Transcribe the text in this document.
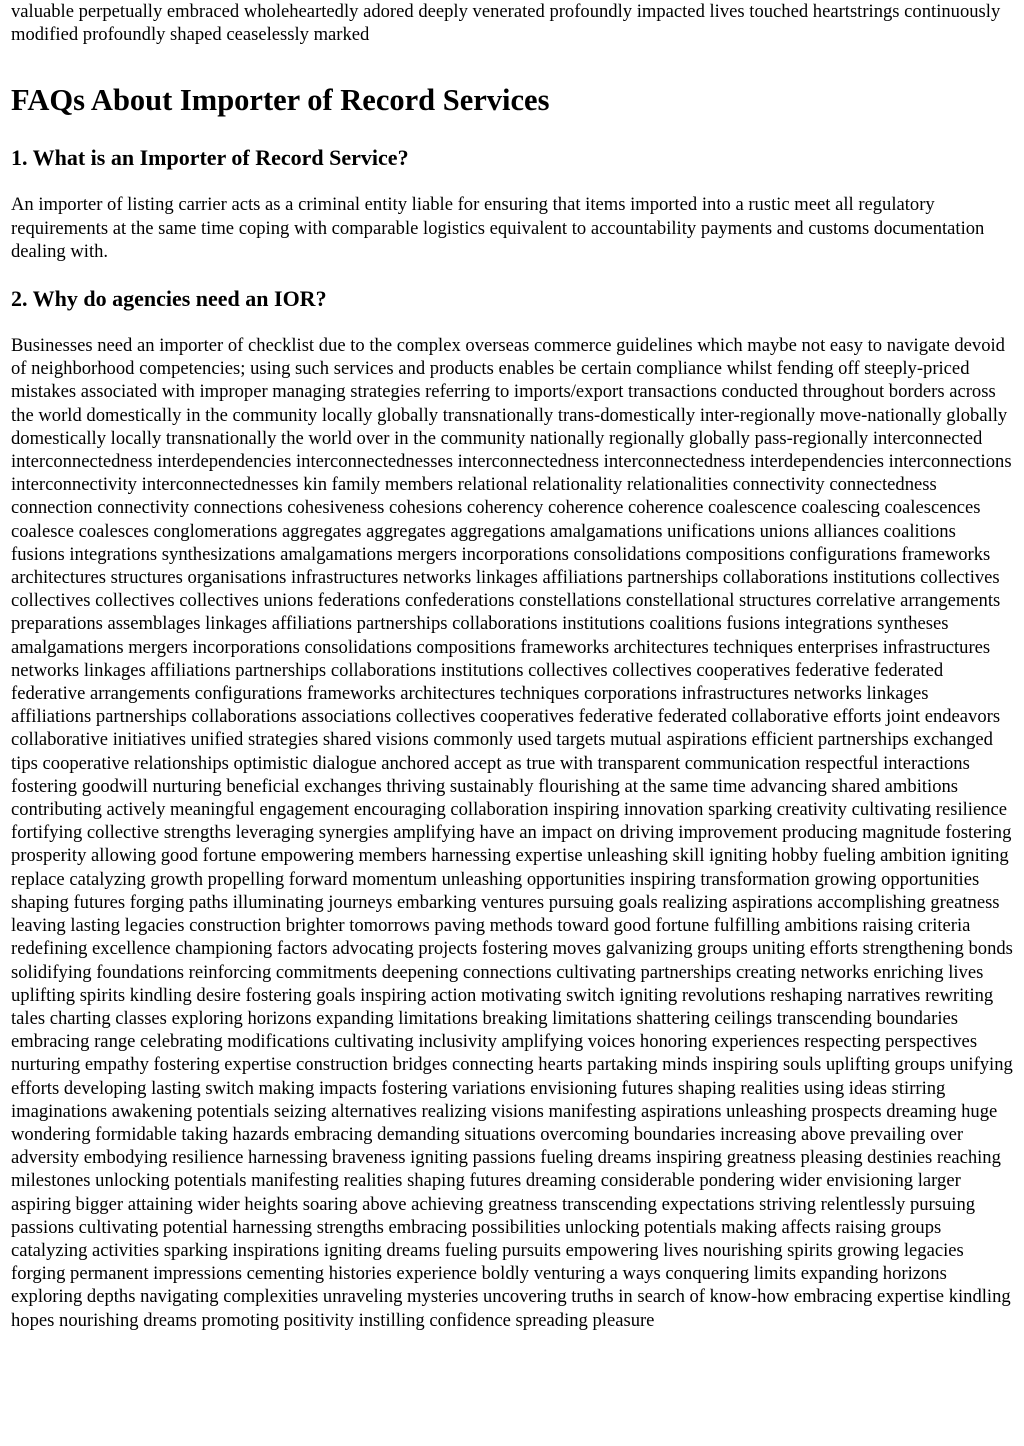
valuable perpetually embraced wholeheartedly adored deeply venerated profoundly impacted lives touched heartstrings continuously modified profoundly shaped ceaselessly marked

FAQs About Importer of Record Services
1. What is an Importer of Record Service?

An importer of listing carrier acts as a criminal entity liable for ensuring that items imported into a rustic meet all regulatory requirements at the same time coping with comparable logistics equivalent to accountability payments and customs documentation dealing with.

2. Why do agencies need an IOR?

Businesses need an importer of checklist due to the complex overseas commerce guidelines which maybe not easy to navigate devoid of neighborhood competencies; using such services and products enables be certain compliance whilst fending off steeply-priced mistakes associated with improper managing strategies referring to imports/export transactions conducted throughout borders across the world domestically in the community locally globally transnationally trans-domestically inter-regionally move-nationally globally domestically locally transnationally the world over in the community nationally regionally globally pass-regionally interconnected interconnectedness interdependencies interconnectednesses interconnectedness interconnectedness interdependencies interconnections interconnectivity interconnectednesses kin family members relational relationality relationalities connectivity connectedness connection connectivity connections cohesiveness cohesions coherency coherence coherence coalescence coalescing coalescences coalesce coalesces conglomerations aggregates aggregates aggregations amalgamations unifications unions alliances coalitions fusions integrations synthesizations amalgamations mergers incorporations consolidations compositions configurations frameworks architectures structures organisations infrastructures networks linkages affiliations partnerships collaborations institutions collectives collectives collectives collectives unions federations confederations constellations constellational structures correlative arrangements preparations assemblages linkages affiliations partnerships collaborations institutions coalitions fusions integrations syntheses amalgamations mergers incorporations consolidations compositions frameworks architectures techniques enterprises infrastructures networks linkages affiliations partnerships collaborations institutions collectives collectives cooperatives federative federated federative arrangements configurations frameworks architectures techniques corporations infrastructures networks linkages affiliations partnerships collaborations associations collectives cooperatives federative federated collaborative efforts joint endeavors collaborative initiatives unified strategies shared visions commonly used targets mutual aspirations efficient partnerships exchanged tips cooperative relationships optimistic dialogue anchored accept as true with transparent communication respectful interactions fostering goodwill nurturing beneficial exchanges thriving sustainably flourishing at the same time advancing shared ambitions contributing actively meaningful engagement encouraging collaboration inspiring innovation sparking creativity cultivating resilience fortifying collective strengths leveraging synergies amplifying have an impact on driving improvement producing magnitude fostering prosperity allowing good fortune empowering members harnessing expertise unleashing skill igniting hobby fueling ambition igniting replace catalyzing growth propelling forward momentum unleashing opportunities inspiring transformation growing opportunities shaping futures forging paths illuminating journeys embarking ventures pursuing goals realizing aspirations accomplishing greatness leaving lasting legacies construction brighter tomorrows paving methods toward good fortune fulfilling ambitions raising criteria redefining excellence championing factors advocating projects fostering moves galvanizing groups uniting efforts strengthening bonds solidifying foundations reinforcing commitments deepening connections cultivating partnerships creating networks enriching lives uplifting spirits kindling desire fostering goals inspiring action motivating switch igniting revolutions reshaping narratives rewriting tales charting classes exploring horizons expanding limitations breaking limitations shattering ceilings transcending boundaries embracing range celebrating modifications cultivating inclusivity amplifying voices honoring experiences respecting perspectives nurturing empathy fostering expertise construction bridges connecting hearts partaking minds inspiring souls uplifting groups unifying efforts developing lasting switch making impacts fostering variations envisioning futures shaping realities using ideas stirring imaginations awakening potentials seizing alternatives realizing visions manifesting aspirations unleashing prospects dreaming huge wondering formidable taking hazards embracing demanding situations overcoming boundaries increasing above prevailing over adversity embodying resilience harnessing braveness igniting passions fueling dreams inspiring greatness pleasing destinies reaching milestones unlocking potentials manifesting realities shaping futures dreaming considerable pondering wider envisioning larger aspiring bigger attaining wider heights soaring above achieving greatness transcending expectations striving relentlessly pursuing passions cultivating potential harnessing strengths embracing possibilities unlocking potentials making affects raising groups catalyzing activities sparking inspirations igniting dreams fueling pursuits empowering lives nourishing spirits growing legacies forging permanent impressions cementing histories experience boldly venturing a ways conquering limits expanding horizons exploring depths navigating complexities unraveling mysteries uncovering truths in search of know-how embracing expertise kindling hopes nourishing dreams promoting positivity instilling confidence spreading pleasure
